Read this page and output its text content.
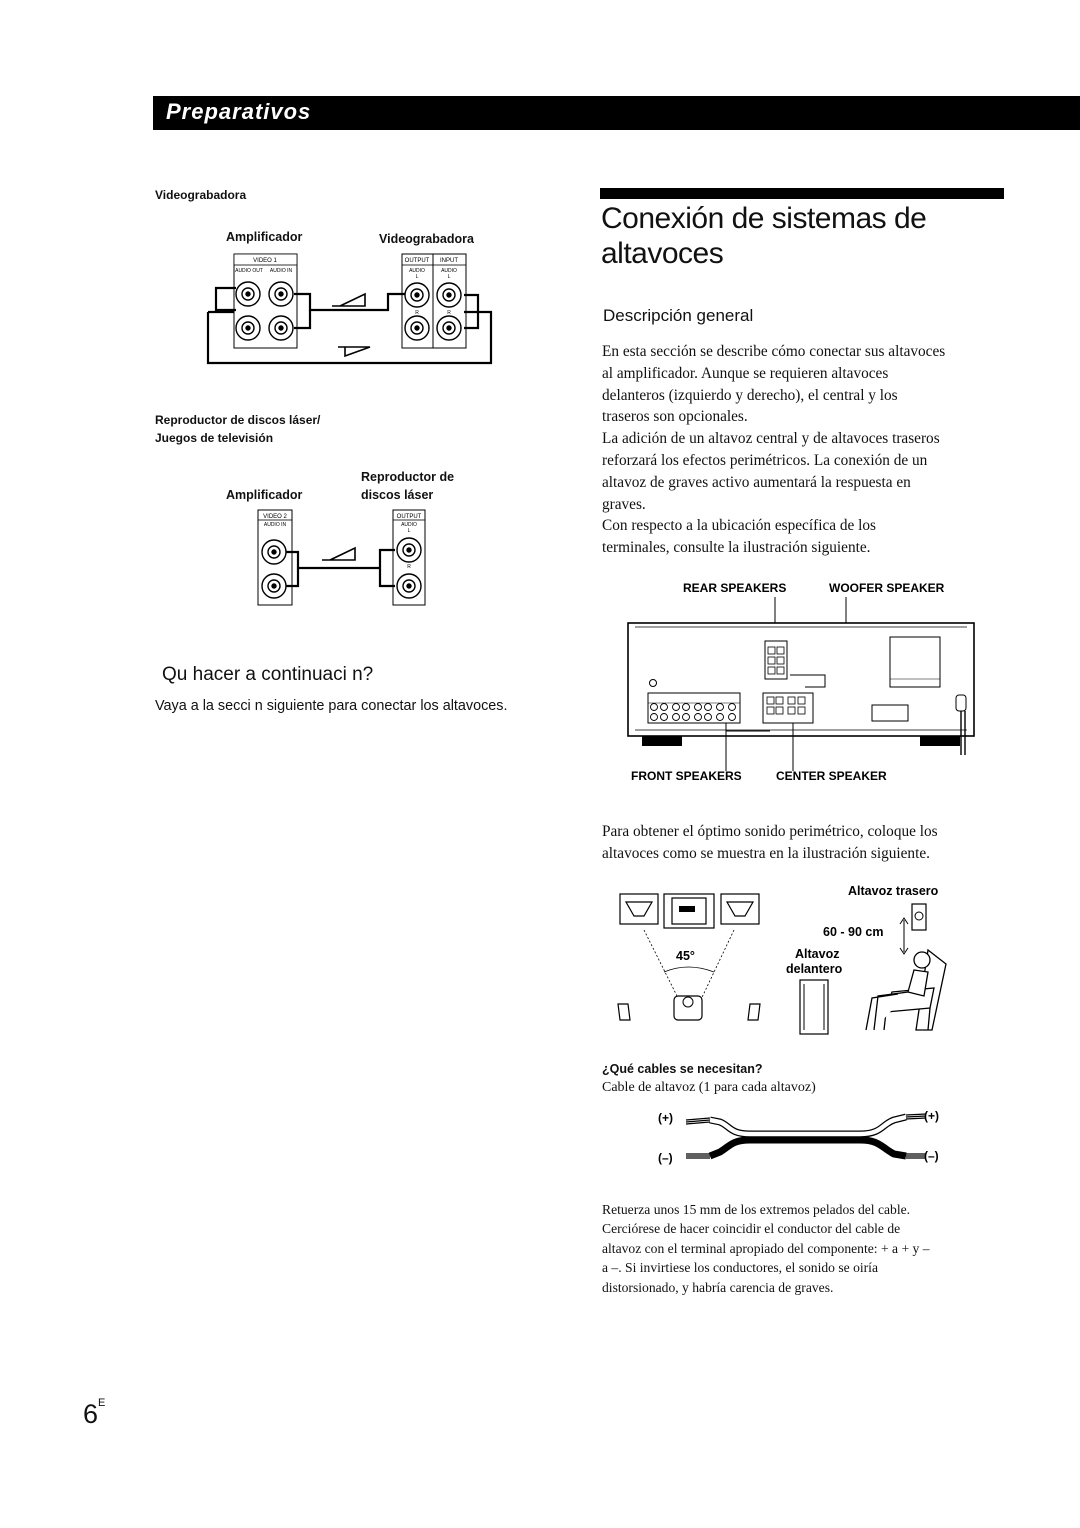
Preparativos
Videograbadora
Amplificador	Videograbadora
VIDEO 1
AUDIO OUT AUDIO IN
OUTPUT INPUT
AUDIO	AUDIO
L	L
R	R
Reproductor de discos láser/
Juegos de televisión
Reproductor de
discos láser
Amplificador
VIDEO 2
AUDIO IN
OUTPUT
AUDIO
L
R
Qu hacer a continuaci n?
Vaya a la secci n siguiente para conectar los altavoces.
Conexión de sistemas de
altavoces
Descripción general
En esta sección se describe cómo conectar sus altavoces
al amplificador. Aunque se requieren altavoces
delanteros (izquierdo y derecho), el central y los
traseros son opcionales.
La adición de un altavoz central y de altavoces traseros
reforzará los efectos perimétricos. La conexión de un
altavoz de graves activo aumentará la respuesta en
graves.
Con respecto a la ubicación específica de los
terminales, consulte la ilustración siguiente.
REAR SPEAKERS	WOOFER SPEAKER
FRONT SPEAKERS	CENTER SPEAKER
Para obtener el óptimo sonido perimétrico, coloque los
altavoces como se muestra en la ilustración siguiente.
Altavoz trasero
60 - 90 cm
45°	Altavoz
delantero
¿Qué cables se necesitan?
Cable de altavoz (1 para cada altavoz)
(+)	(+)
(–)	(–)
Retuerza unos 15 mm de los extremos pelados del cable.
Cerciórese de hacer coincidir el conductor del cable de
altavoz con el terminal apropiado del componente: + a + y –
a –. Si invirtiese los conductores, el sonido se oiría
distorsionado, y habría carencia de graves.
$6^E$
